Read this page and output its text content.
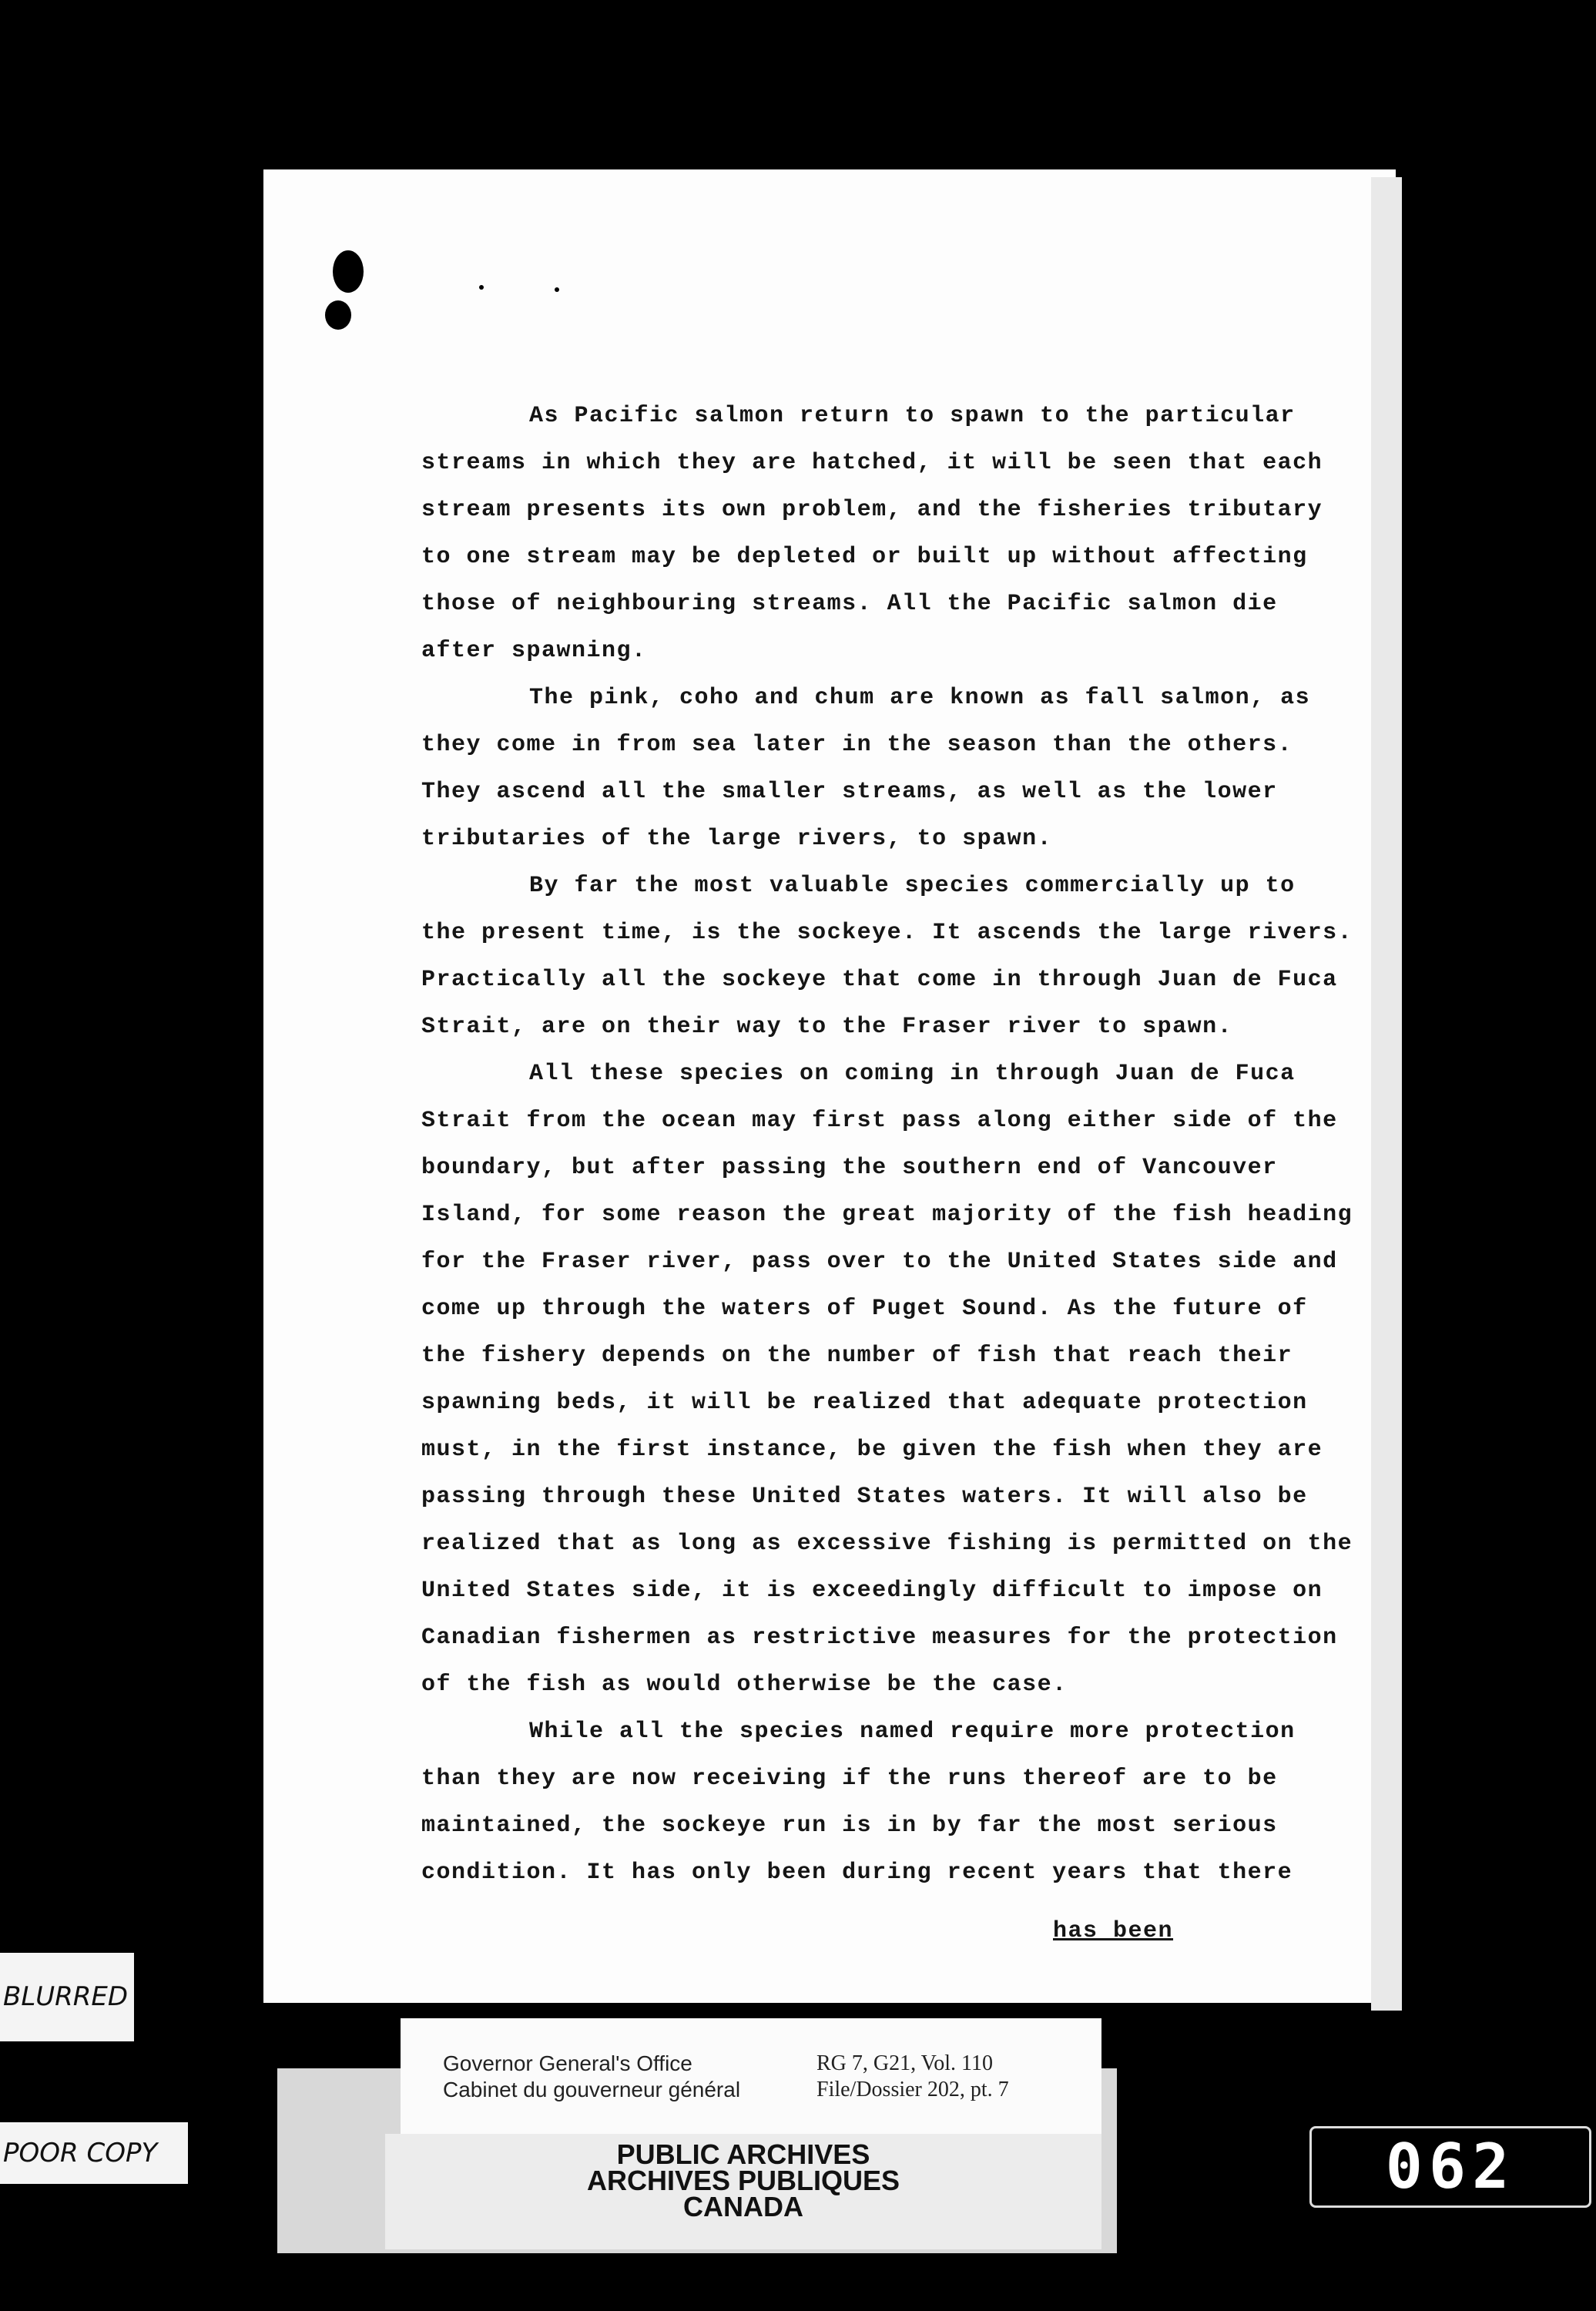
As Pacific salmon return to spawn to the particular
streams in which they are hatched, it will be seen that each
stream presents its own problem, and the fisheries tributary
to one stream may be depleted or built up without affecting
those of neighbouring streams. All the Pacific salmon die
after spawning.
The pink, coho and chum are known as fall salmon, as
they come in from sea later in the season than the others.
They ascend all the smaller streams, as well as the lower
tributaries of the large rivers, to spawn.
By far the most valuable species commercially up to
the present time, is the sockeye. It ascends the large rivers.
Practically all the sockeye that come in through Juan de Fuca
Strait, are on their way to the Fraser river to spawn.
All these species on coming in through Juan de Fuca
Strait from the ocean may first pass along either side of the
boundary, but after passing the southern end of Vancouver
Island, for some reason the great majority of the fish heading
for the Fraser river, pass over to the United States side and
come up through the waters of Puget Sound. As the future of
the fishery depends on the number of fish that reach their
spawning beds, it will be realized that adequate protection
must, in the first instance, be given the fish when they are
passing through these United States waters. It will also be
realized that as long as excessive fishing is permitted on the
United States side, it is exceedingly difficult to impose on
Canadian fishermen as restrictive measures for the protection
of the fish as would otherwise be the case.
While all the species named require more protection
than they are now receiving if the runs thereof are to be
maintained, the sockeye run is in by far the most serious
condition. It has only been during recent years that there
has been
Governor General's Office
Cabinet du gouverneur général
RG 7, G21, Vol. 110
File/Dossier 202, pt. 7
PUBLIC ARCHIVES
ARCHIVES PUBLIQUES
CANADA
BLURRED
POOR COPY	062
